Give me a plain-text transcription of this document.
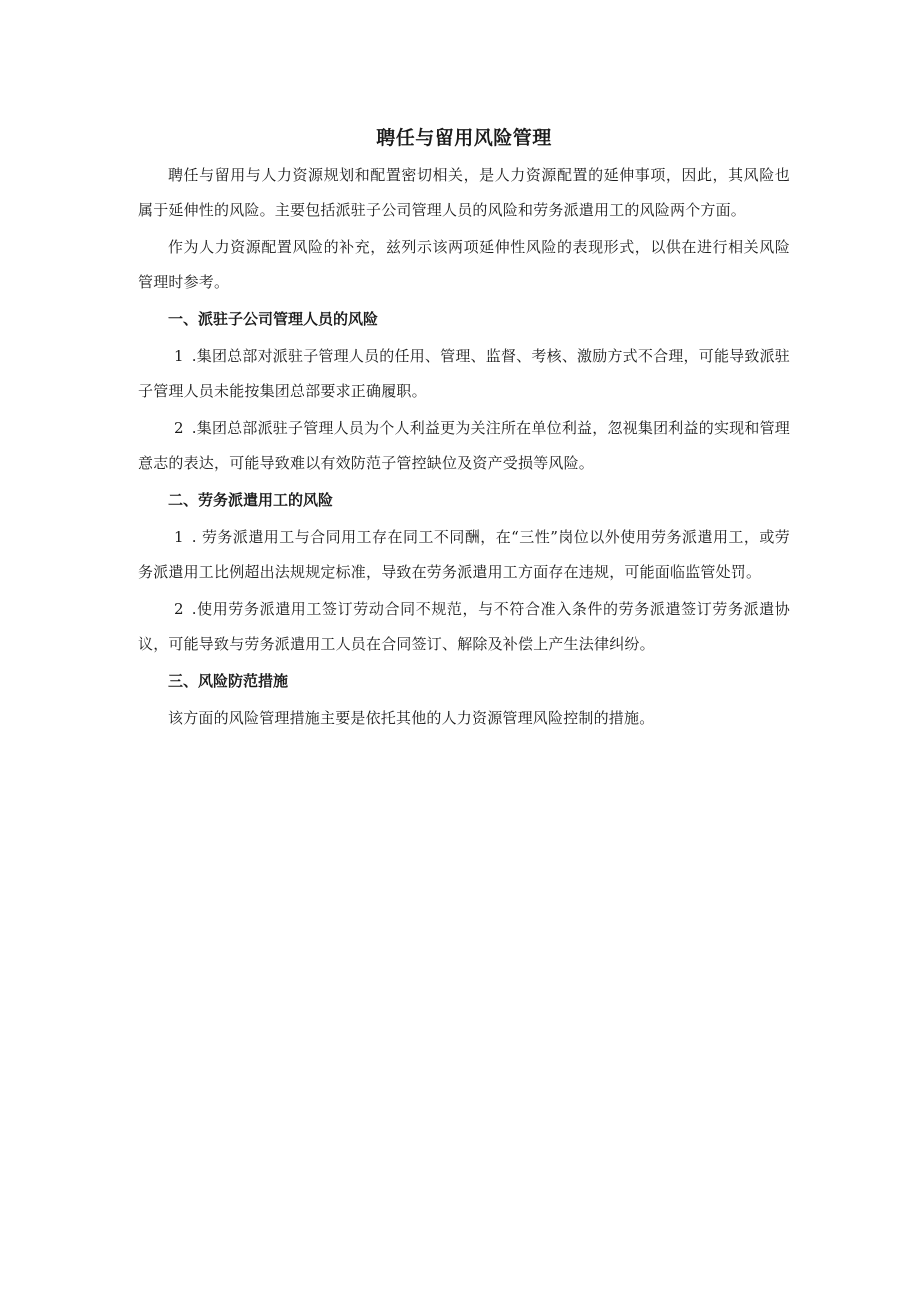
聘任与留用风险管理

聘任与留用与人力资源规划和配置密切相关，是人力资源配置的延伸事项，因此，其风险也属于延伸性的风险。主要包括派驻子公司管理人员的风险和劳务派遣用工的风险两个方面。

作为人力资源配置风险的补充，兹列示该两项延伸性风险的表现形式，以供在进行相关风险管理时参考。

一、派驻子公司管理人员的风险

1 .集团总部对派驻子管理人员的任用、管理、监督、考核、激励方式不合理，可能导致派驻子管理人员未能按集团总部要求正确履职。

2 .集团总部派驻子管理人员为个人利益更为关注所在单位利益，忽视集团利益的实现和管理意志的表达，可能导致难以有效防范子管控缺位及资产受损等风险。

二、劳务派遣用工的风险

1 . 劳务派遣用工与合同用工存在同工不同酬，在“三性”岗位以外使用劳务派遣用工，或劳务派遣用工比例超出法规规定标准，导致在劳务派遣用工方面存在违规，可能面临监管处罚。

2 .使用劳务派遣用工签订劳动合同不规范，与不符合准入条件的劳务派遣签订劳务派遣协议，可能导致与劳务派遣用工人员在合同签订、解除及补偿上产生法律纠纷。

三、风险防范措施

该方面的风险管理措施主要是依托其他的人力资源管理风险控制的措施。
